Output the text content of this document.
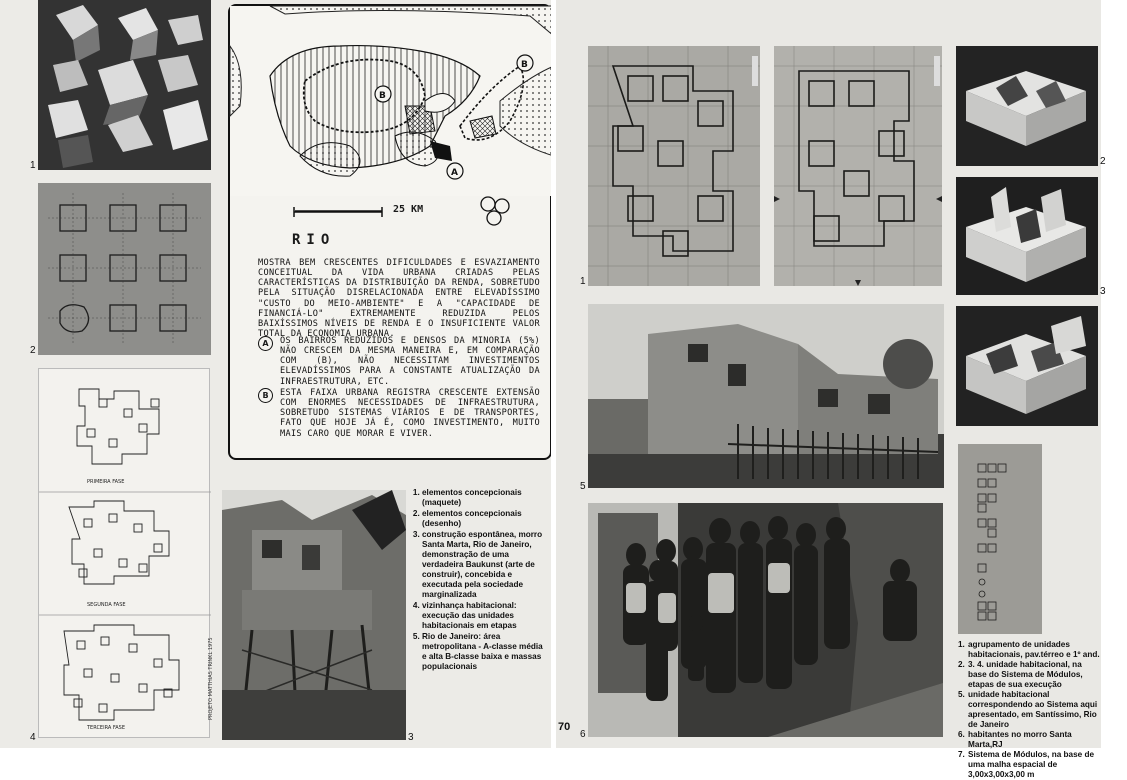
1
2
PRIMEIRA FASE
SEGUNDA FASE
TERCEIRA FASE
4
B
B
A
25 KM
RIO
MOSTRA BEM CRESCENTES DIFICULDADES E ESVAZIAMENTO CONCEITUAL DA VIDA URBANA CRIADAS PELAS CARACTERÍSTICAS DA DISTRIBUIÇÃO DA RENDA, SOBRETUDO PELA SITUAÇÃO DISRELACIONADA ENTRE ELEVADÍSSIMO "CUSTO DO MEIO-AMBIENTE" E A "CAPACIDADE DE FINANCIÁ-LO" EXTREMAMENTE REDUZIDA PELOS BAIXÍSSIMOS NÍVEIS DE RENDA E O INSUFICIENTE VALOR TOTAL DA ECONOMIA URBANA.
A	OS BAIRROS REDUZIDOS E DENSOS DA MINORIA (5%) NÃO CRESCEM DA MESMA MANEIRA E, EM COMPARAÇÃO COM (B), NÃO NECESSITAM INVESTIMENTOS ELEVADÍSSIMOS PARA A CONSTANTE ATUALIZAÇÃO DA INFRAESTRUTURA, ETC.
B	ESTA FAIXA URBANA REGISTRA CRESCENTE EXTENSÃO COM ENORMES NECESSIDADES DE INFRAESTRUTURA, SOBRETUDO SISTEMAS VIÁRIOS E DE TRANSPORTES, FATO QUE HOJE JÁ É, COMO INVESTIMENTO, MUITO MAIS CARO QUE MORAR E VIVER.
PROJETO MATTHIAS TRINKL 1975
3
1. elementos concepcionais (maquete)
2. elementos concepcionais (desenho)
3. construção espontânea, morro Santa Marta, Rio de Janeiro, demonstração de uma verdadeira Baukunst (arte de construir), concebida e executada pela sociedade marginalizada
4. vizinhança habitacional: execução das unidades habitacionais em etapas
5. Rio de Janeiro: área metropolitana - A-classe média e alta B-classe baixa e massas populacionais
1
2
3
5
70
6
1. agrupamento de unidades habitacionais, pav.térreo e 1º and.
2. 3. 4. unidade habitacional, na base do Sistema de Módulos, etapas de sua execução
5. unidade habitacional correspondendo ao Sistema aqui apresentado, em Santíssimo, Rio de Janeiro
6. habitantes no morro Santa Marta,RJ
7. Sistema de Módulos, na base de uma malha espacial de 3,00x3,00x3,00 m
